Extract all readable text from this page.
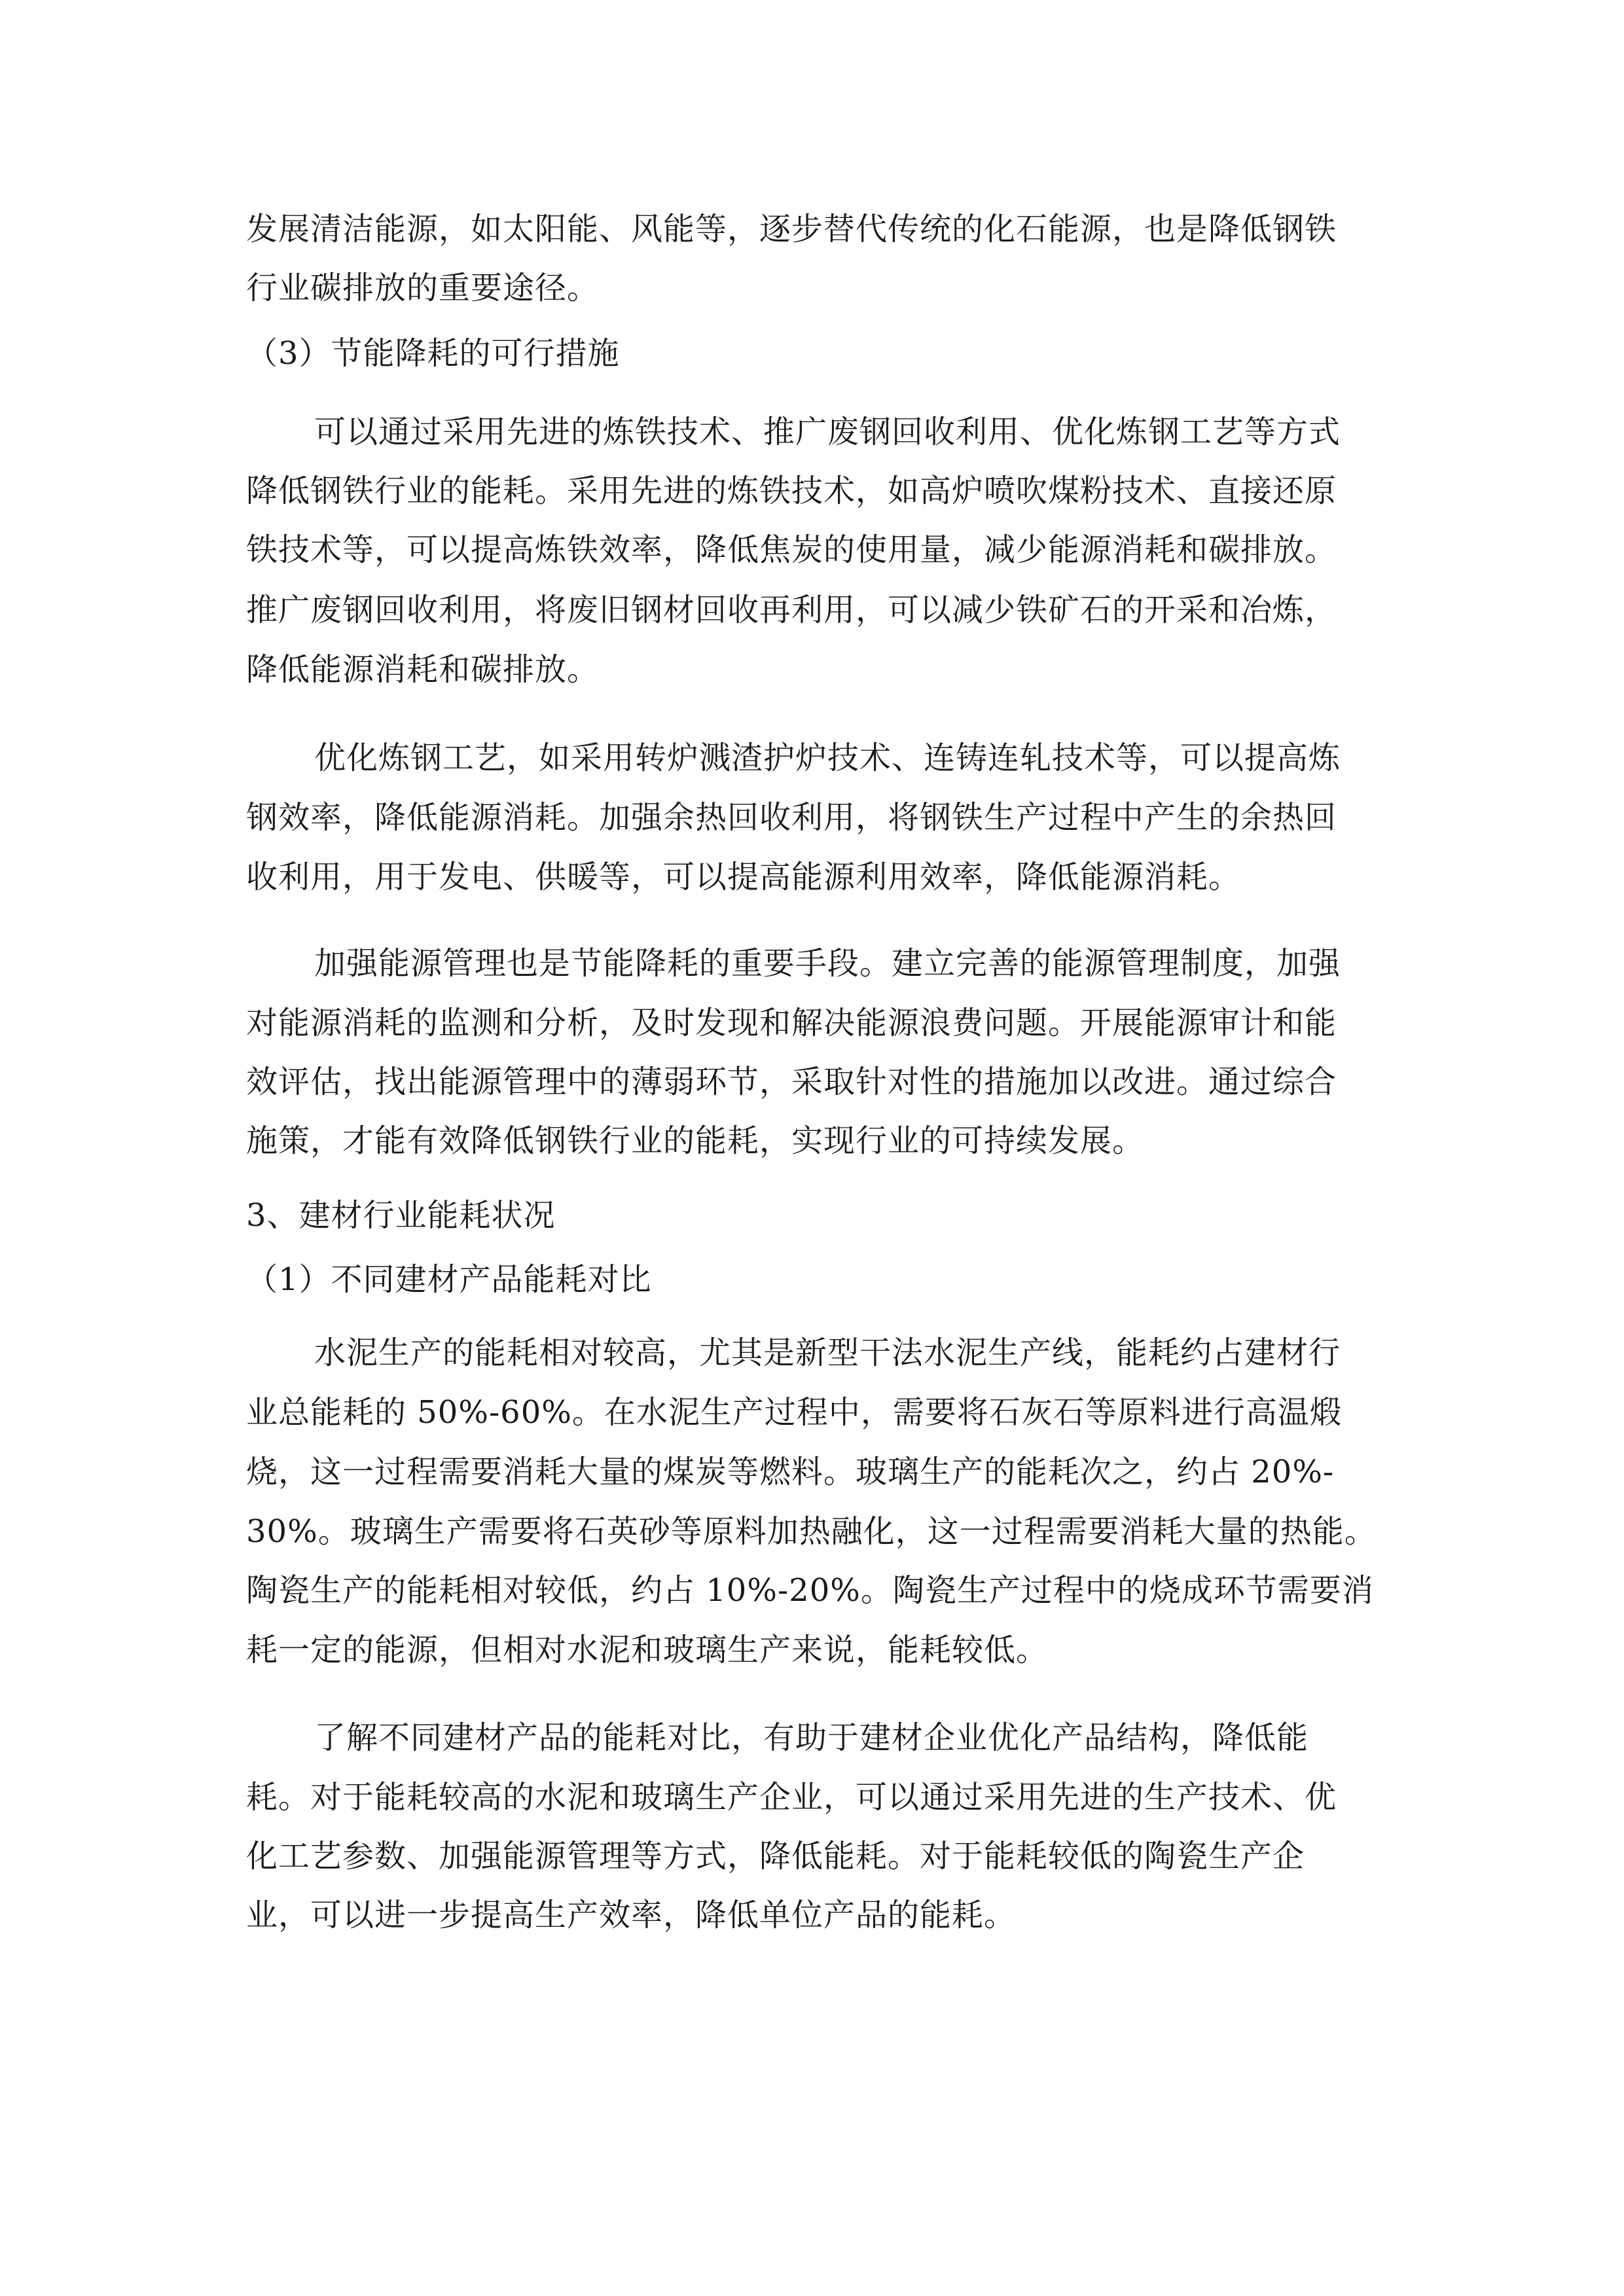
发展清洁能源，如太阳能、风能等，逐步替代传统的化石能源，也是降低钢铁
行业碳排放的重要途径。
（3）节能降耗的可行措施
可以通过采用先进的炼铁技术、推广废钢回收利用、优化炼钢工艺等方式
降低钢铁行业的能耗。采用先进的炼铁技术，如高炉喷吹煤粉技术、直接还原
铁技术等，可以提高炼铁效率，降低焦炭的使用量，减少能源消耗和碳排放。
推广废钢回收利用，将废旧钢材回收再利用，可以减少铁矿石的开采和冶炼，
降低能源消耗和碳排放。
优化炼钢工艺，如采用转炉溅渣护炉技术、连铸连轧技术等，可以提高炼
钢效率，降低能源消耗。加强余热回收利用，将钢铁生产过程中产生的余热回
收利用，用于发电、供暖等，可以提高能源利用效率，降低能源消耗。
加强能源管理也是节能降耗的重要手段。建立完善的能源管理制度，加强
对能源消耗的监测和分析，及时发现和解决能源浪费问题。开展能源审计和能
效评估，找出能源管理中的薄弱环节，采取针对性的措施加以改进。通过综合
施策，才能有效降低钢铁行业的能耗，实现行业的可持续发展。
3、建材行业能耗状况
（1）不同建材产品能耗对比
水泥生产的能耗相对较高，尤其是新型干法水泥生产线，能耗约占建材行
业总能耗的 50%-60%。在水泥生产过程中，需要将石灰石等原料进行高温煅
烧，这一过程需要消耗大量的煤炭等燃料。玻璃生产的能耗次之，约占 20%-
30%。玻璃生产需要将石英砂等原料加热融化，这一过程需要消耗大量的热能。
陶瓷生产的能耗相对较低，约占 10%-20%。陶瓷生产过程中的烧成环节需要消
耗一定的能源，但相对水泥和玻璃生产来说，能耗较低。
了解不同建材产品的能耗对比，有助于建材企业优化产品结构，降低能
耗。对于能耗较高的水泥和玻璃生产企业，可以通过采用先进的生产技术、优
化工艺参数、加强能源管理等方式，降低能耗。对于能耗较低的陶瓷生产企
业，可以进一步提高生产效率，降低单位产品的能耗。
